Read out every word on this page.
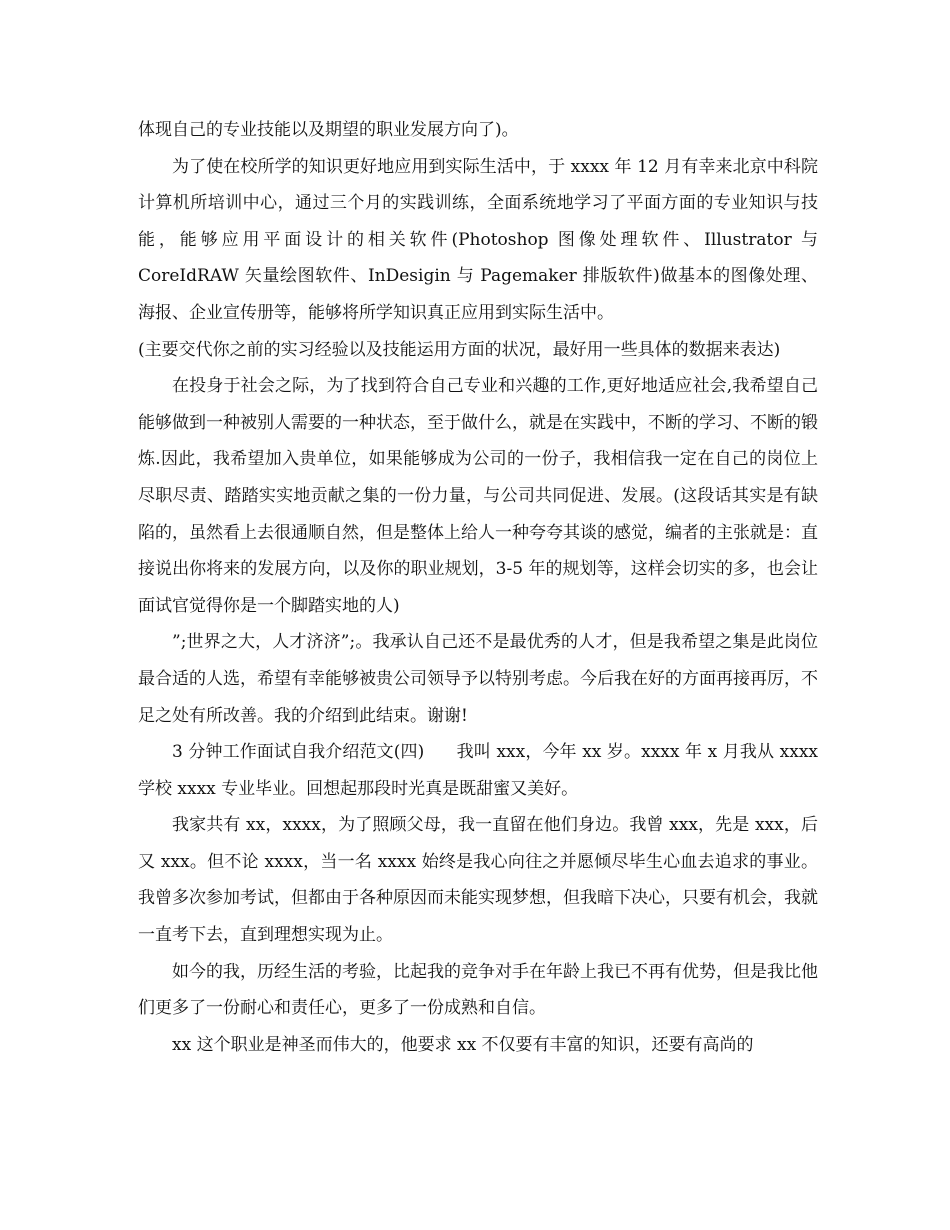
体现自己的专业技能以及期望的职业发展方向了)。

为了使在校所学的知识更好地应用到实际生活中，于 xxxx 年 12 月有幸来北京中科院计算机所培训中心，通过三个月的实践训练，全面系统地学习了平面方面的专业知识与技能，能够应用平面设计的相关软件(Photoshop 图像处理软件、Illustrator 与 CoreIdRAW 矢量绘图软件、InDesigin 与 Pagemaker 排版软件)做基本的图像处理、海报、企业宣传册等，能够将所学知识真正应用到实际生活中。

(主要交代你之前的实习经验以及技能运用方面的状况，最好用一些具体的数据来表达)

在投身于社会之际，为了找到符合自己专业和兴趣的工作,更好地适应社会,我希望自己能够做到一种被别人需要的一种状态，至于做什么，就是在实践中，不断的学习、不断的锻炼.因此，我希望加入贵单位，如果能够成为公司的一份子，我相信我一定在自己的岗位上尽职尽责、踏踏实实地贡献之集的一份力量，与公司共同促进、发展。(这段话其实是有缺陷的，虽然看上去很通顺自然，但是整体上给人一种夸夸其谈的感觉，编者的主张就是：直接说出你将来的发展方向，以及你的职业规划，3-5 年的规划等，这样会切实的多，也会让面试官觉得你是一个脚踏实地的人)

”;世界之大，人才济济”;。我承认自己还不是最优秀的人才，但是我希望之集是此岗位最合适的人选，希望有幸能够被贵公司领导予以特别考虑。今后我在好的方面再接再厉，不足之处有所改善。我的介绍到此结束。谢谢!

3 分钟工作面试自我介绍范文(四) 我叫 xxx，今年 xx 岁。xxxx 年 x 月我从 xxxx 学校 xxxx 专业毕业。回想起那段时光真是既甜蜜又美好。

我家共有 xx，xxxx，为了照顾父母，我一直留在他们身边。我曾 xxx，先是 xxx，后又 xxx。但不论 xxxx，当一名 xxxx 始终是我心向往之并愿倾尽毕生心血去追求的事业。我曾多次参加考试，但都由于各种原因而未能实现梦想，但我暗下决心，只要有机会，我就一直考下去，直到理想实现为止。

如今的我，历经生活的考验，比起我的竞争对手在年龄上我已不再有优势，但是我比他们更多了一份耐心和责任心，更多了一份成熟和自信。

xx 这个职业是神圣而伟大的，他要求 xx 不仅要有丰富的知识，还要有高尚的
